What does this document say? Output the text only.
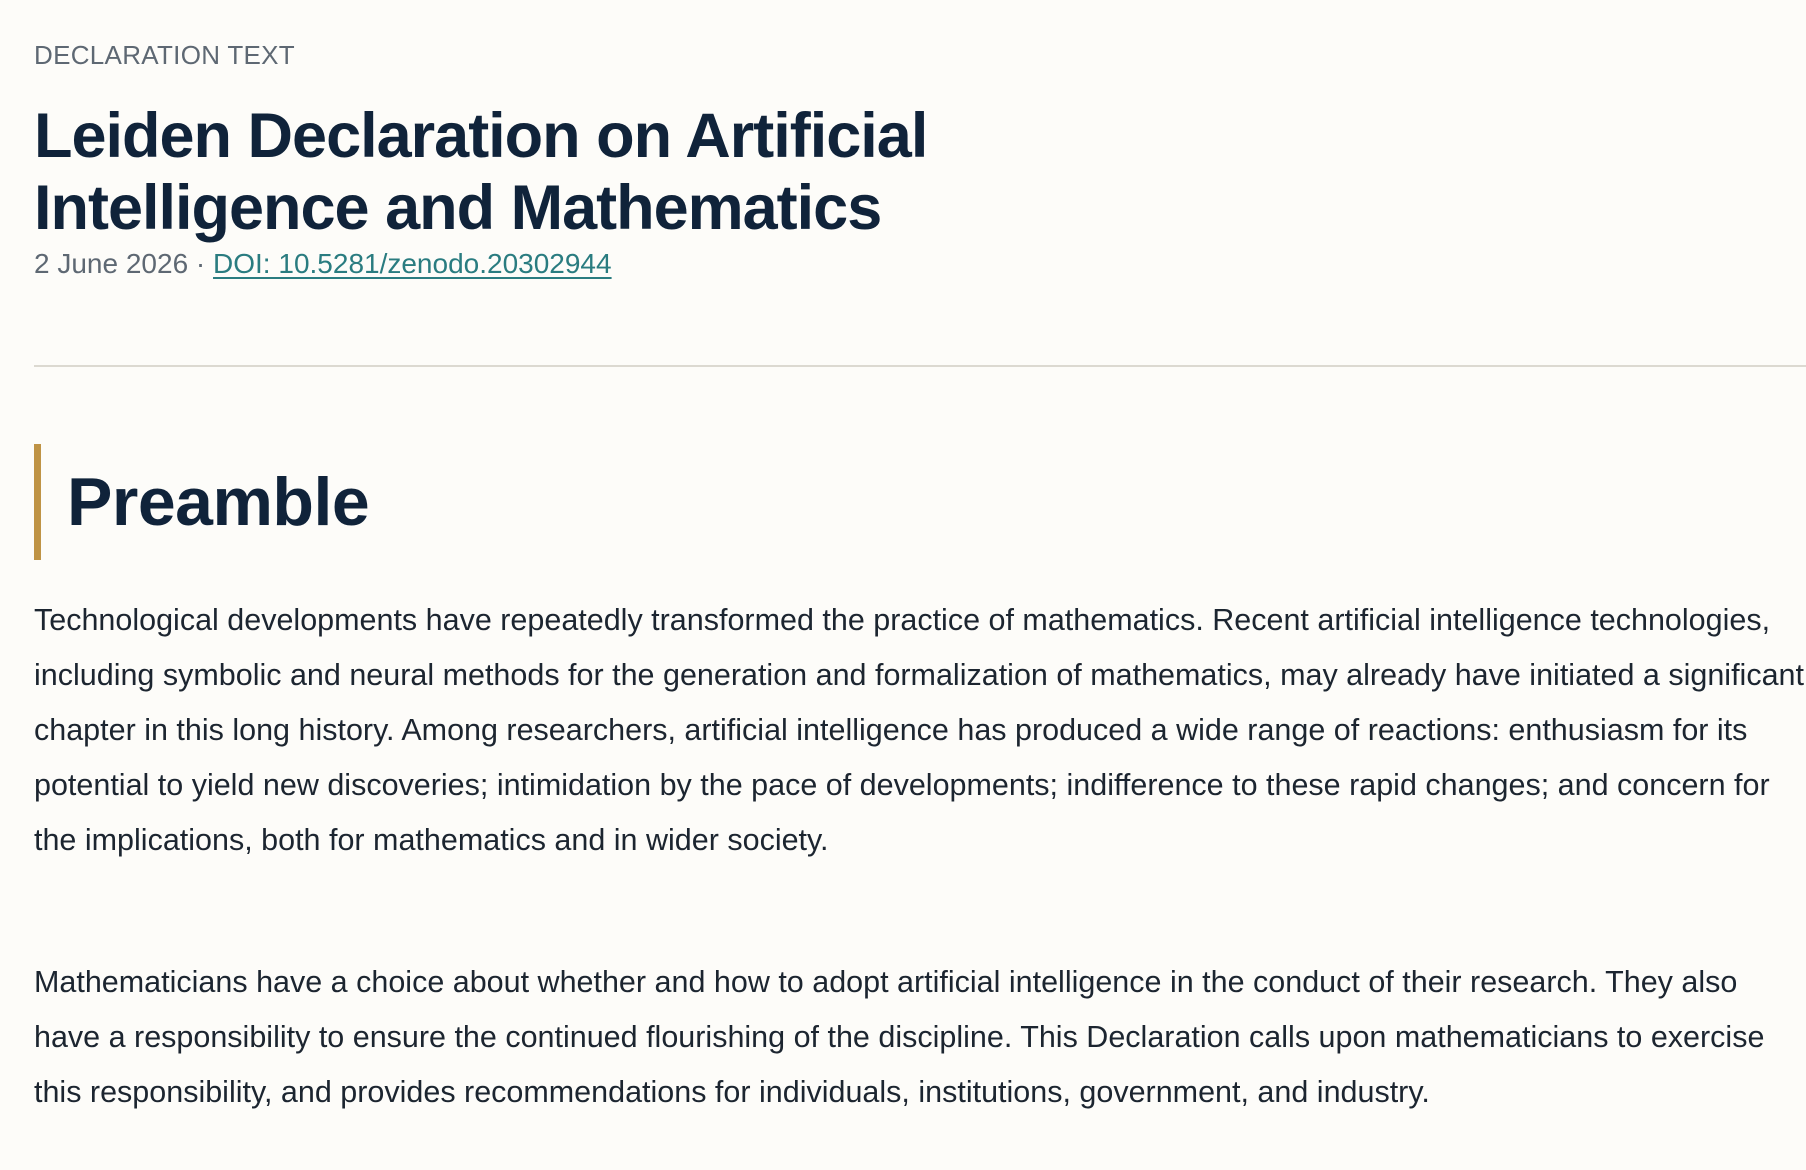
DECLARATION TEXT
Leiden Declaration on Artificial Intelligence and Mathematics
2 June 2026 · DOI: 10.5281/zenodo.20302944
Preamble

Technological developments have repeatedly transformed the practice of mathematics. Recent artificial intelligence technologies, including symbolic and neural methods for the generation and formalization of mathematics, may already have initiated a significant chapter in this long history. Among researchers, artificial intelligence has produced a wide range of reactions: enthusiasm for its potential to yield new discoveries; intimidation by the pace of developments; indifference to these rapid changes; and concern for the implications, both for mathematics and in wider society.

Mathematicians have a choice about whether and how to adopt artificial intelligence in the conduct of their research. They also have a responsibility to ensure the continued flourishing of the discipline. This Declaration calls upon mathematicians to exercise this responsibility, and provides recommendations for individuals, institutions, government, and industry.
